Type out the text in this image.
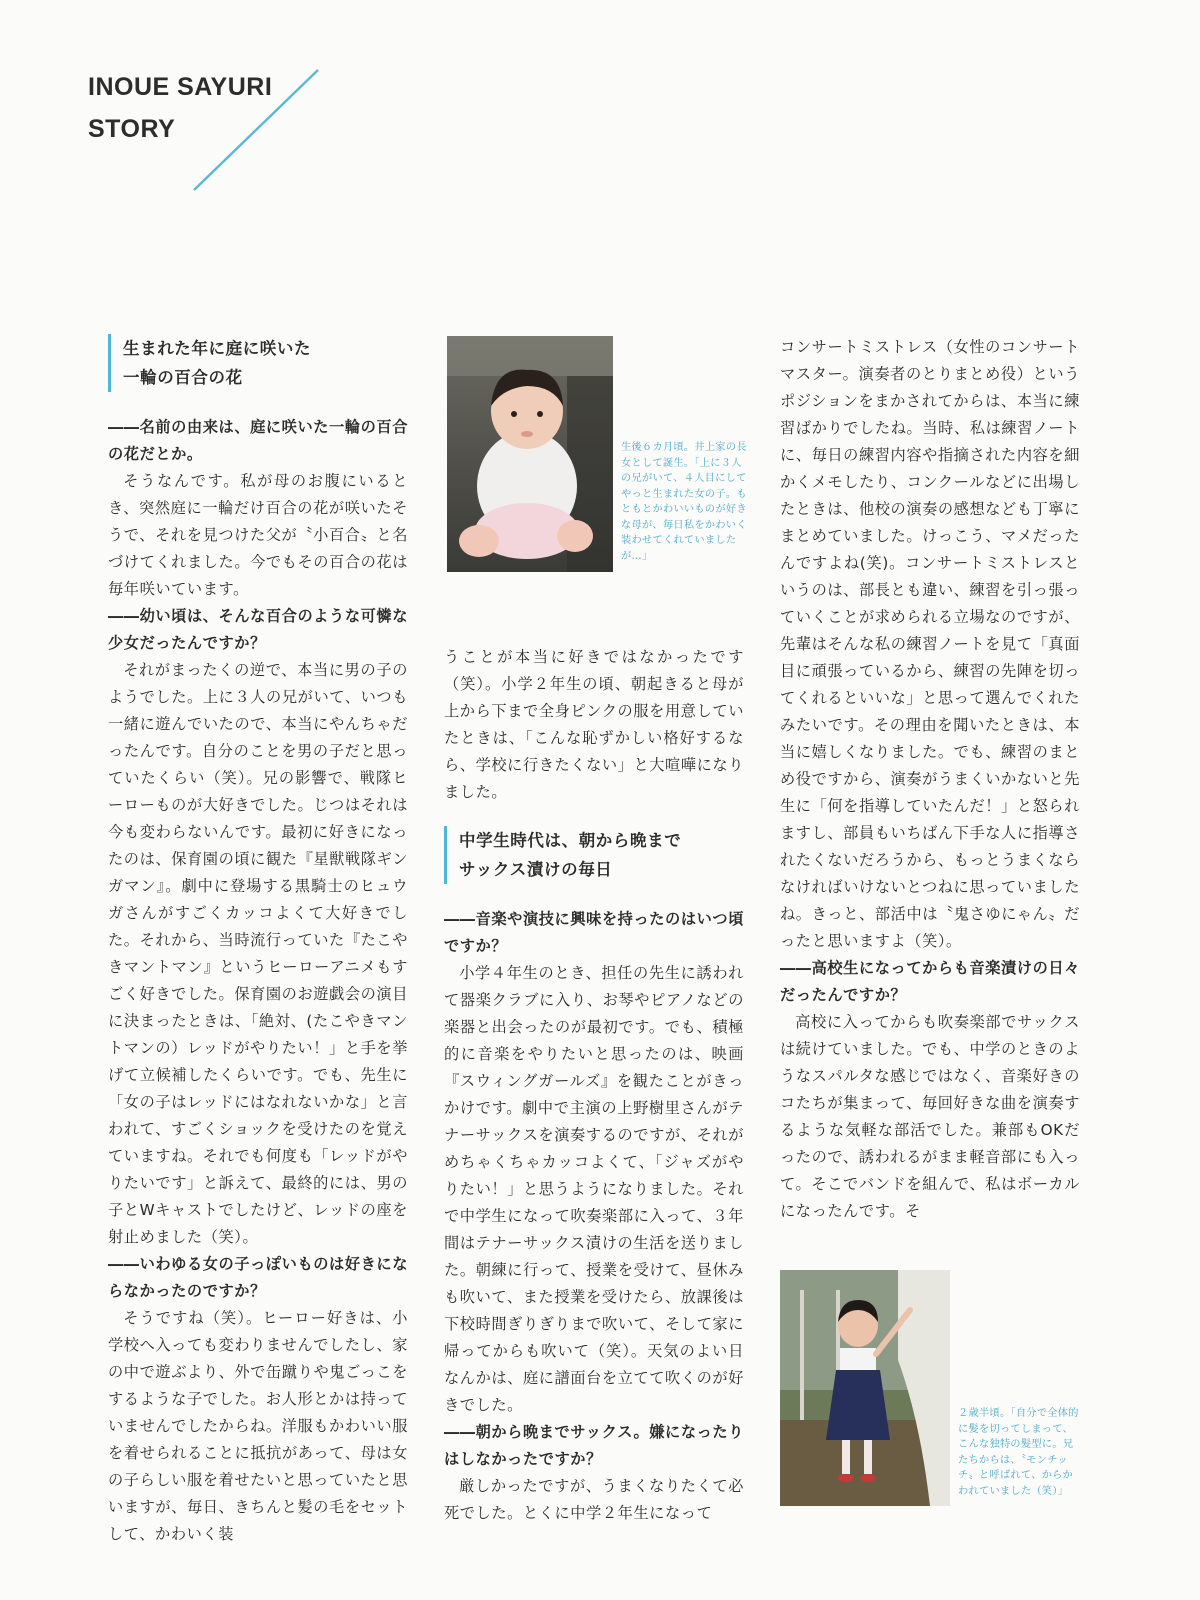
INOUE SAYURI
STORY
生まれた年に庭に咲いた
一輪の百合の花

――名前の由来は、庭に咲いた一輪の百合の花だとか。

そうなんです。私が母のお腹にいるとき、突然庭に一輪だけ百合の花が咲いたそうで、それを見つけた父が〝小百合〟と名づけてくれました。今でもその百合の花は毎年咲いています。

――幼い頃は、そんな百合のような可憐な少女だったんですか？

それがまったくの逆で、本当に男の子のようでした。上に３人の兄がいて、いつも一緒に遊んでいたので、本当にやんちゃだったんです。自分のことを男の子だと思っていたくらい（笑）。兄の影響で、戦隊ヒーローものが大好きでした。じつはそれは今も変わらないんです。最初に好きになったのは、保育園の頃に観た『星獣戦隊ギンガマン』。劇中に登場する黒騎士のヒュウガさんがすごくカッコよくて大好きでした。それから、当時流行っていた『たこやきマントマン』というヒーローアニメもすごく好きでした。保育園のお遊戯会の演目に決まったときは、「絶対、(たこやきマントマンの）レッドがやりたい！」と手を挙げて立候補したくらいです。でも、先生に「女の子はレッドにはなれないかな」と言われて、すごくショックを受けたのを覚えていますね。それでも何度も「レッドがやりたいです」と訴えて、最終的には、男の子とWキャストでしたけど、レッドの座を射止めました（笑）。

――いわゆる女の子っぽいものは好きにならなかったのですか？

そうですね（笑）。ヒーロー好きは、小学校へ入っても変わりませんでしたし、家の中で遊ぶより、外で缶蹴りや鬼ごっこをするような子でした。お人形とかは持っていませんでしたからね。洋服もかわいい服を着せられることに抵抗があって、母は女の子らしい服を着せたいと思っていたと思いますが、毎日、きちんと髪の毛をセットして、かわいく装

生後６カ月頃。井上家の長女として誕生。「上に３人の兄がいて、４人目にしてやっと生まれた女の子。もともとかわいいものが好きな母が、毎日私をかわいく装わせてくれていましたが…」

うことが本当に好きではなかったです（笑）。小学２年生の頃、朝起きると母が上から下まで全身ピンクの服を用意していたときは、「こんな恥ずかしい格好するなら、学校に行きたくない」と大喧嘩になりました。

中学生時代は、朝から晩まで
サックス漬けの毎日

――音楽や演技に興味を持ったのはいつ頃ですか？

小学４年生のとき、担任の先生に誘われて器楽クラブに入り、お琴やピアノなどの楽器と出会ったのが最初です。でも、積極的に音楽をやりたいと思ったのは、映画『スウィングガールズ』を観たことがきっかけです。劇中で主演の上野樹里さんがテナーサックスを演奏するのですが、それがめちゃくちゃカッコよくて、「ジャズがやりたい！」と思うようになりました。それで中学生になって吹奏楽部に入って、３年間はテナーサックス漬けの生活を送りました。朝練に行って、授業を受けて、昼休みも吹いて、また授業を受けたら、放課後は下校時間ぎりぎりまで吹いて、そして家に帰ってからも吹いて（笑）。天気のよい日なんかは、庭に譜面台を立てて吹くのが好きでした。

――朝から晩までサックス。嫌になったりはしなかったですか？

厳しかったですが、うまくなりたくて必死でした。とくに中学２年生になって

コンサートミストレス（女性のコンサートマスター。演奏者のとりまとめ役）というポジションをまかされてからは、本当に練習ばかりでしたね。当時、私は練習ノートに、毎日の練習内容や指摘された内容を細かくメモしたり、コンクールなどに出場したときは、他校の演奏の感想なども丁寧にまとめていました。けっこう、マメだったんですよね(笑)。コンサートミストレスというのは、部長とも違い、練習を引っ張っていくことが求められる立場なのですが、先輩はそんな私の練習ノートを見て「真面目に頑張っているから、練習の先陣を切ってくれるといいな」と思って選んでくれたみたいです。その理由を聞いたときは、本当に嬉しくなりました。でも、練習のまとめ役ですから、演奏がうまくいかないと先生に「何を指導していたんだ！」と怒られますし、部員もいちばん下手な人に指導されたくないだろうから、もっとうまくならなければいけないとつねに思っていましたね。きっと、部活中は〝鬼さゆにゃん〟だったと思いますよ（笑）。

――高校生になってからも音楽漬けの日々だったんですか？

高校に入ってからも吹奏楽部でサックスは続けていました。でも、中学のときのようなスパルタな感じではなく、音楽好きのコたちが集まって、毎回好きな曲を演奏するような気軽な部活でした。兼部もOKだったので、誘われるがまま軽音部にも入って。そこでバンドを組んで、私はボーカルになったんです。そ

２歳半頃。「自分で全体的に髪を切ってしまって、こんな独特の髪型に。兄たちからは、〝モンチッチ〟と呼ばれて、からかわれていました（笑）」
